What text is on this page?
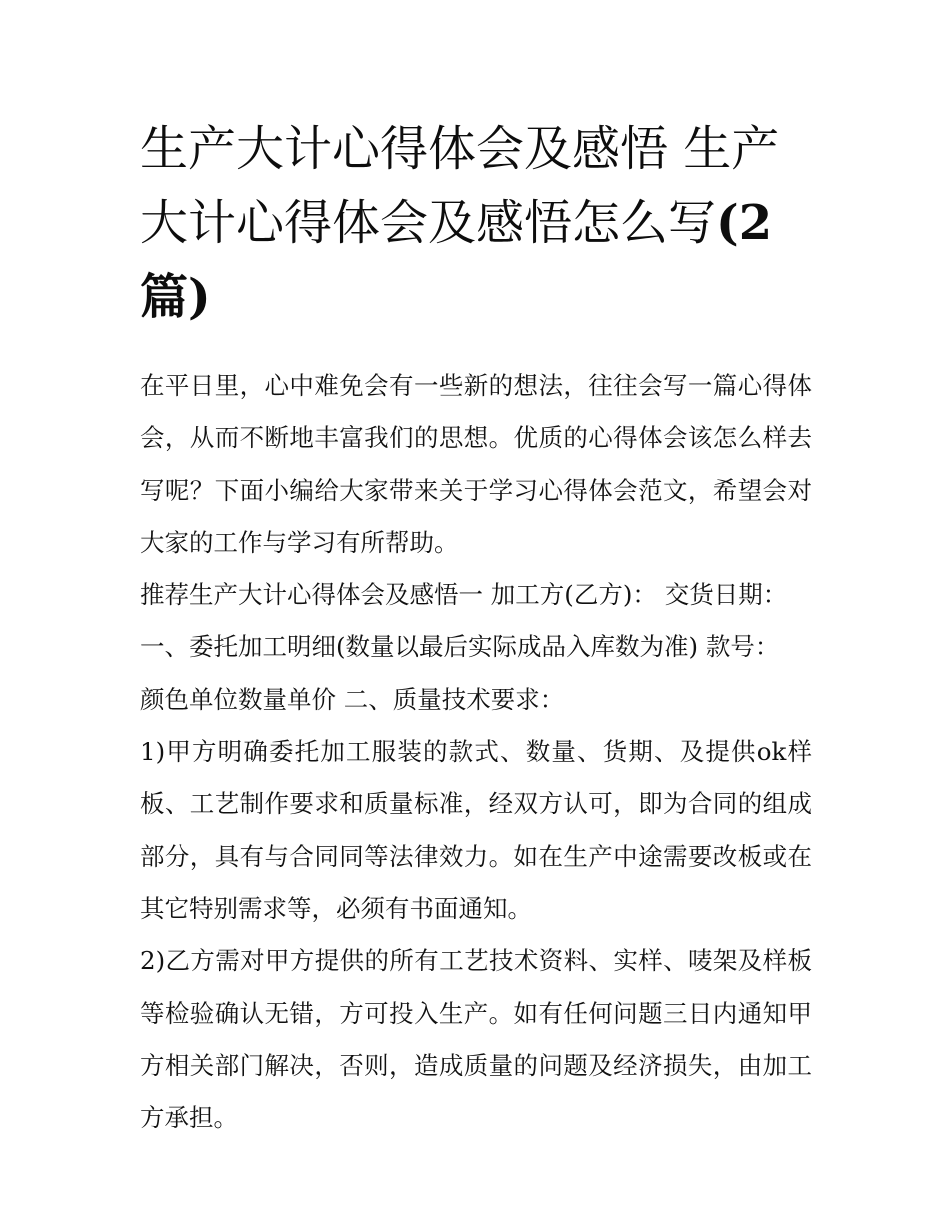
生产大计心得体会及感悟 生产
大计心得体会及感悟怎么写(2
篇)

在平日里，心中难免会有一些新的想法，往往会写一篇心得体会，从而不断地丰富我们的思想。优质的心得体会该怎么样去写呢？下面小编给大家带来关于学习心得体会范文，希望会对大家的工作与学习有所帮助。

推荐生产大计心得体会及感悟一 加工方(乙方)： 交货日期：

一、委托加工明细(数量以最后实际成品入库数为准) 款号：

颜色单位数量单价 二、质量技术要求：

1)甲方明确委托加工服装的款式、数量、货期、及提供ok样板、工艺制作要求和质量标准，经双方认可，即为合同的组成部分，具有与合同同等法律效力。如在生产中途需要改板或在其它特别需求等，必须有书面通知。

2)乙方需对甲方提供的所有工艺技术资料、实样、唛架及样板等检验确认无错，方可投入生产。如有任何问题三日内通知甲方相关部门解决，否则，造成质量的问题及经济损失，由加工方承担。
